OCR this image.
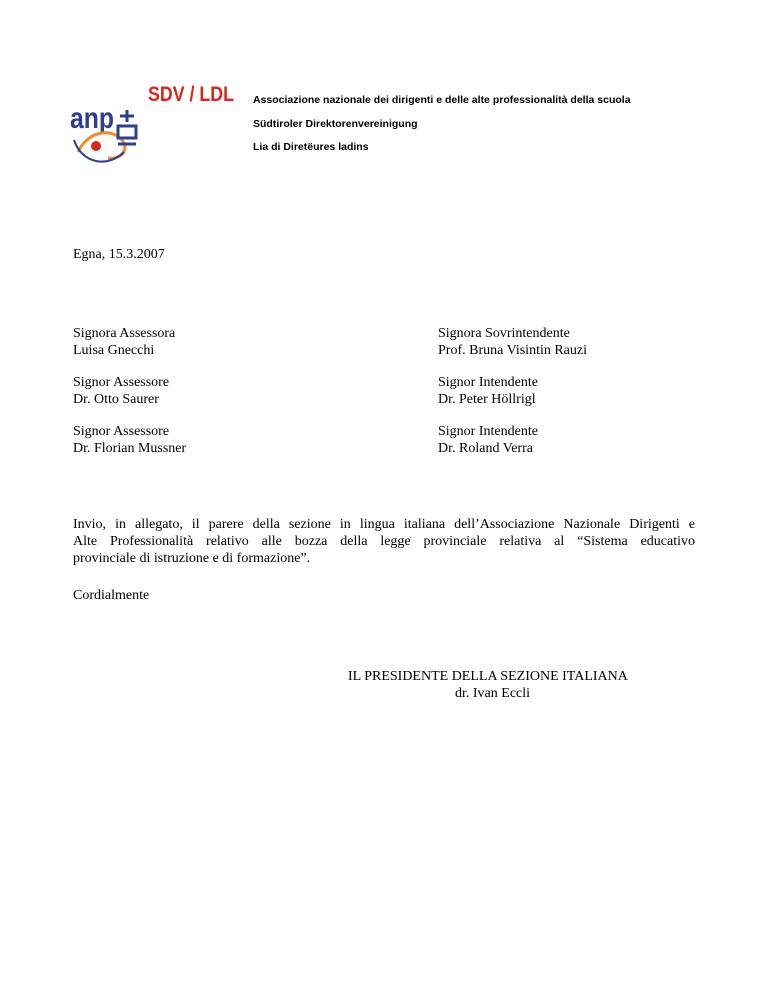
SDV / LDL
anp
Associazione nazionale dei dirigenti e delle alte professionalità della scuola
Südtiroler Direktorenvereinigung
Lia di Diretëures ladins
Egna, 15.3.2007
Signora Assessora
Luisa Gnecchi
Signora Sovrintendente
Prof. Bruna Visintin Rauzi
Signor Assessore
Dr. Otto Saurer
Signor Intendente
Dr. Peter Höllrigl
Signor Assessore
Dr. Florian Mussner
Signor Intendente
Dr. Roland Verra
Invio, in allegato, il parere della sezione in lingua italiana dell’Associazione Nazionale Dirigenti e
Alte Professionalità relativo alle bozza della legge provinciale relativa al “Sistema educativo
provinciale di istruzione e di formazione”.
Cordialmente
IL PRESIDENTE DELLA SEZIONE ITALIANA
dr. Ivan Eccli
